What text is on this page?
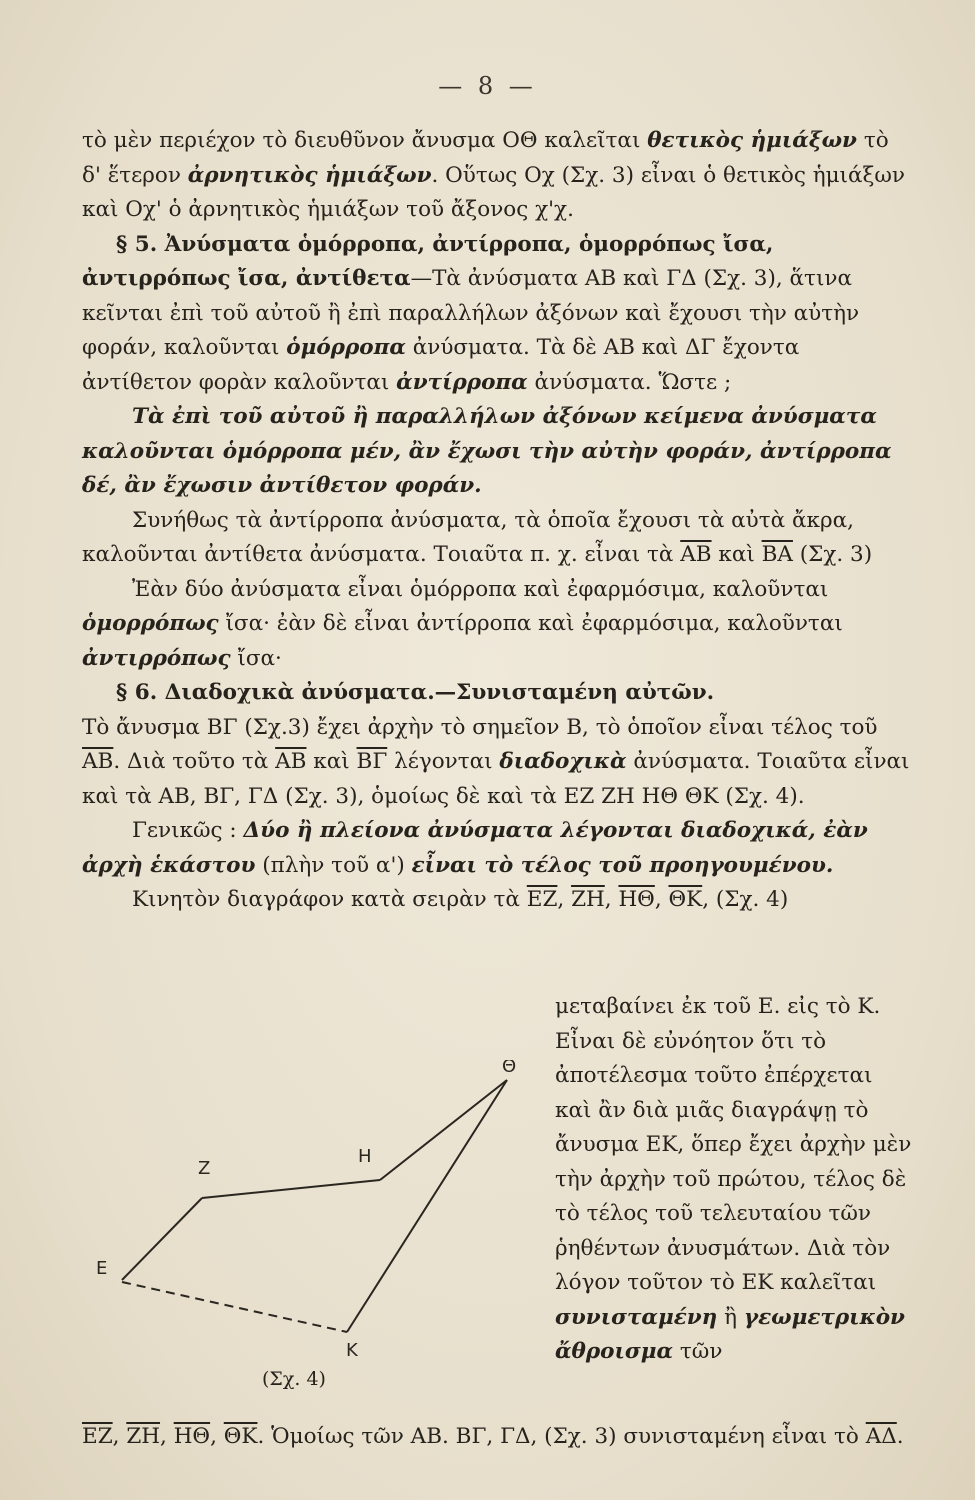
— 8 —

τὸ μὲν περιέχον τὸ διευθῦνον ἄνυσμα ΟΘ καλεῖται θετικὸς ἡμιάξων τὸ δ' ἕτερον ἀρνητικὸς ἡμιάξων. Οὕτως Οχ (Σχ. 3) εἶναι ὁ θετικὸς ἡμιάξων καὶ Οχ' ὁ ἀρνητικὸς ἡμιάξων τοῦ ἄξονος χ'χ.

§ 5. Ἀνύσματα ὁμόρροπα, ἀντίρροπα, ὁμορρόπως ἴσα, ἀντιρρόπως ἴσα, ἀντίθετα—Τὰ ἀνύσματα ΑΒ καὶ ΓΔ (Σχ. 3), ἅτινα κεῖνται ἐπὶ τοῦ αὐτοῦ ἢ ἐπὶ παραλλήλων ἀξόνων καὶ ἔχουσι τὴν αὐτὴν φοράν, καλοῦνται ὁμόρροπα ἀνύσματα. Τὰ δὲ ΑΒ καὶ ΔΓ ἔχοντα ἀντίθετον φορὰν καλοῦνται ἀντίρροπα ἀνύσματα. Ὥστε ;

Τὰ ἐπὶ τοῦ αὐτοῦ ἢ παραλλήλων ἀξόνων κείμενα ἀνύσματα καλοῦνται ὁμόρροπα μέν, ἂν ἔχωσι τὴν αὐτὴν φοράν, ἀντίρροπα δέ, ἂν ἔχωσιν ἀντίθετον φοράν.

Συνήθως τὰ ἀντίρροπα ἀνύσματα, τὰ ὁποῖα ἔχουσι τὰ αὐτὰ ἄκρα, καλοῦνται ἀντίθετα ἀνύσματα. Τοιαῦτα π. χ. εἶναι τὰ $\overline{AB}$ καὶ $\overline{BA}$ (Σχ. 3)

Ἐὰν δύο ἀνύσματα εἶναι ὁμόρροπα καὶ ἐφαρμόσιμα, καλοῦνται ὁμορρόπως ἴσα· ἐὰν δὲ εἶναι ἀντίρροπα καὶ ἐφαρμόσιμα, καλοῦνται ἀντιρρόπως ἴσα·

§ 6. Διαδοχικὰ ἀνύσματα.—Συνισταμένη αὐτῶν.
Τὸ ἄνυσμα ΒΓ (Σχ.3) ἔχει ἀρχὴν τὸ σημεῖον Β, τὸ ὁποῖον εἶναι τέλος τοῦ $\overline{AB}$. Διὰ τοῦτο τὰ $\overline{AB}$ καὶ $\overline{B\Gamma}$ λέγονται διαδοχικὰ ἀνύσματα. Τοιαῦτα εἶναι καὶ τὰ ΑΒ, ΒΓ, ΓΔ (Σχ. 3), ὁμοίως δὲ καὶ τὰ ΕΖ ΖΗ ΗΘ ΘΚ (Σχ. 4).

Γενικῶς : Δύο ἢ πλείονα ἀνύσματα λέγονται διαδοχικά, ἐὰν ἀρχὴ ἑκάστου (πλὴν τοῦ α') εἶναι τὸ τέλος τοῦ προηγουμένου.

Κινητὸν διαγράφον κατὰ σειρὰν τὰ $\overline{EZ}$, $\overline{ZH}$, $\overline{H\Theta}$, $\overline{\Theta K}$, (Σχ. 4)

μεταβαίνει ἐκ τοῦ Ε. εἰς τὸ Κ. Εἶναι δὲ εὐνόητον ὅτι τὸ ἀποτέλεσμα τοῦτο ἐπέρχεται καὶ ἂν διὰ μιᾶς διαγράψῃ τὸ ἄνυσμα ΕΚ, ὅπερ ἔχει ἀρχὴν μὲν τὴν ἀρχὴν τοῦ πρώτου, τέλος δὲ τὸ τέλος τοῦ τελευταίου τῶν ῥηθέντων ἀνυσμάτων. Διὰ τὸν λόγον τοῦτον τὸ ΕΚ καλεῖται συνισταμένη ἢ γεωμετρικὸν ἄθροισμα τῶν

Ε
Ζ
Η
Θ
Κ
(Σχ. 4)

$\overline{EZ}$, $\overline{ZH}$, $\overline{H\Theta}$, $\overline{\Theta K}$. Ὁμοίως τῶν ΑΒ. ΒΓ, ΓΔ, (Σχ. 3) συνισταμένη εἶναι τὸ $\overline{A\Delta}$.
